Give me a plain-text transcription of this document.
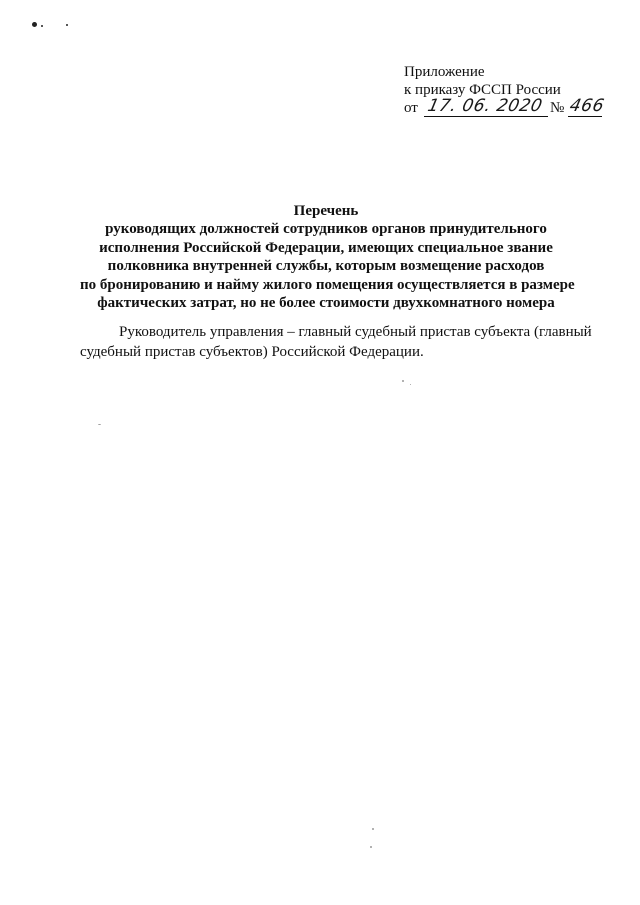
Приложение
к приказу ФССП России
от 17. 06. 2020 № 466
Перечень
руководящих должностей сотрудников органов принудительного
исполнения Российской Федерации, имеющих специальное звание
полковника внутренней службы, которым возмещение расходов
по бронированию и найму жилого помещения осуществляется в размере
фактических затрат, но не более стоимости двухкомнатного номера
Руководитель управления – главный судебный пристав субъекта (главный
судебный пристав субъектов) Российской Федерации.
